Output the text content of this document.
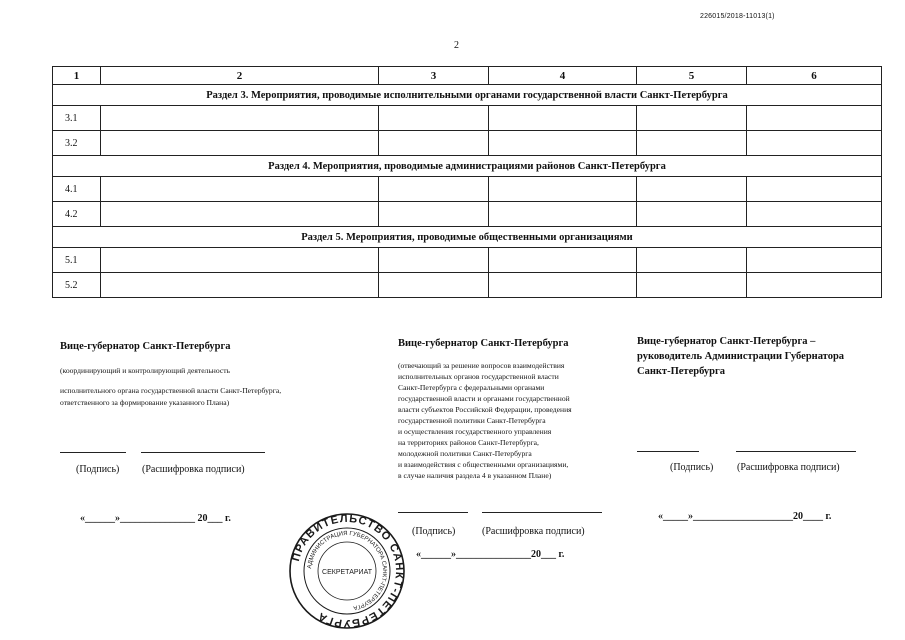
226015/2018-11013(1)
2
1	2	3	4	5	6
Раздел 3. Мероприятия, проводимые исполнительными органами государственной власти Санкт-Петербурга					
3.1					
3.2					
Раздел 4. Мероприятия, проводимые администрациями районов Санкт-Петербурга					
4.1					
4.2					
Раздел 5. Мероприятия, проводимые общественными организациями					
5.1					
5.2					
Вице-губернатор Санкт-Петербурга
(координирующий и контролирующий деятельность
исполнительного органа государственной власти Санкт-Петербурга,
ответственного за формирование указанного Плана)
(Подпись) (Расшифровка подписи)
«______»_______________ 20___ г.
Вице-губернатор Санкт-Петербурга
(отвечающий за решение вопросов взаимодействия
исполнительных органов государственной власти
Санкт-Петербурга с федеральными органами
государственной власти и органами государственной
власти субъектов Российской Федерации, проведения
государственной политики Санкт-Петербурга
и осуществления государственного управления
на территориях районов Санкт-Петербурга,
молодежной политики Санкт-Петербурга
и взаимодействия с общественными организациями,
в случае наличия раздела 4 в указанном Плане)
(Подпись)	(Расшифровка подписи)
«______»_______________20___ г.
Вице-губернатор Санкт-Петербурга –
руководитель Администрации Губернатора
Санкт-Петербурга
(Подпись) (Расшифровка подписи)
«_____»____________________20____ г.
ПРАВИТЕЛЬСТВО САНКТ-ПЕТЕРБУРГА
АДМИНИСТРАЦИЯ ГУБЕРНАТОРА САНКТ-ПЕТЕРБУРГА
СЕКРЕТАРИАТ
